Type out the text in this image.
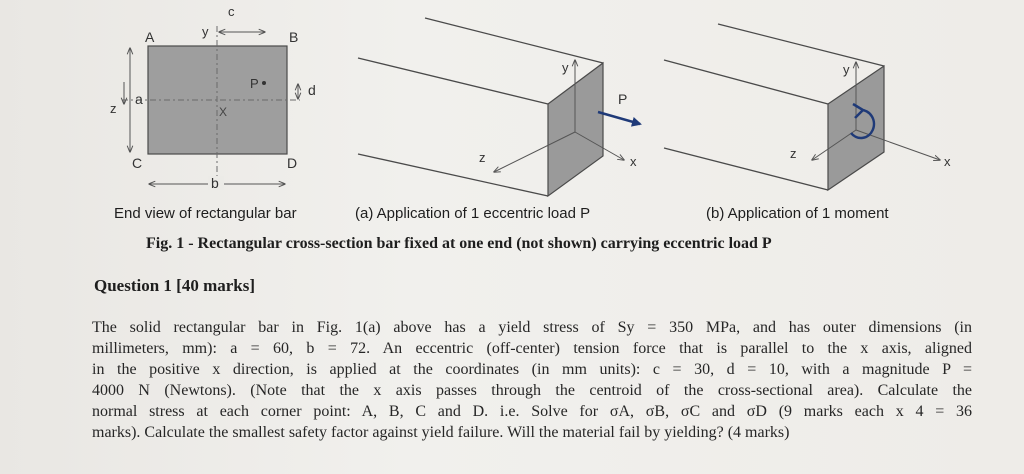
X
c
y
A	B
C	D
P	d
a
z
b
y
z	x
P
y
z
x
End view of rectangular bar	(a) Application of 1 eccentric load P	(b) Application of 1 moment
Fig. 1 - Rectangular cross-section bar fixed at one end (not shown) carrying eccentric load P
Question 1 [40 marks]
The solid rectangular bar in Fig. 1(a) above has a yield stress of Sy = 350 MPa, and has outer dimensions (in
millimeters, mm): a = 60, b = 72. An eccentric (off-center) tension force that is parallel to the x axis, aligned
in the positive x direction, is applied at the coordinates (in mm units): c = 30, d = 10, with a magnitude P =
4000 N (Newtons). (Note that the x axis passes through the centroid of the cross-sectional area). Calculate the
normal stress at each corner point: A, B, C and D. i.e. Solve for σA, σB, σC and σD (9 marks each x 4 = 36
marks). Calculate the smallest safety factor against yield failure. Will the material fail by yielding? (4 marks)
